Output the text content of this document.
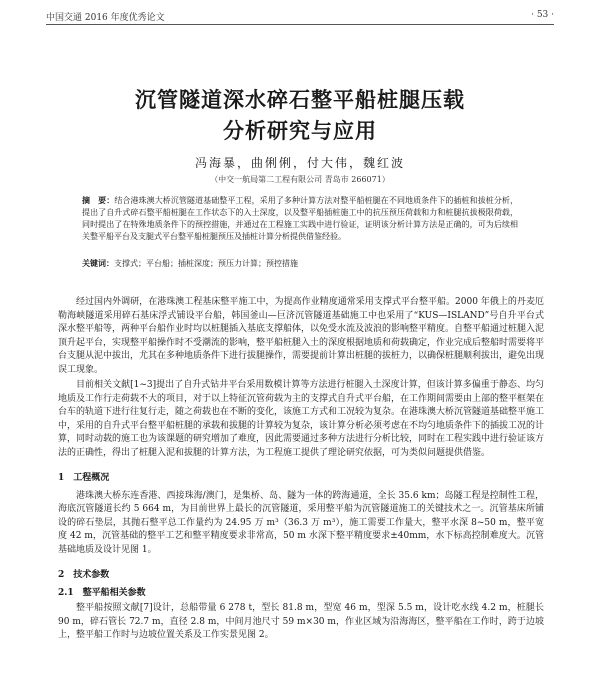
中国交通 2016 年度优秀论文	· 53 ·
沉管隧道深水碎石整平船桩腿压载
分析研究与应用
冯海暴，曲俐俐，付大伟，魏红波
（中交一航局第二工程有限公司 青岛市 266071）
摘　要：结合港珠澳大桥沉管隧道基础整平工程，采用了多种计算方法对整平船桩腿在不同地质条件下的插桩和拔桩分析，提出了自升式碎石整平船桩腿在工作状态下的入土深度，以及整平船插桩施工中的抗压预压荷载和力和桩腿抗拔极限荷载，同时提出了在特殊地质条件下的预控措施，并通过在工程施工实践中进行验证，证明该分析计算方法是正确的，可为后续相关整平船平台及支腿式平台整平船桩腿预压及插桩计算分析提供借鉴经验。
关键词：支撑式；平台船；插桩深度；预压力计算；预控措施

经过国内外调研，在港珠澳工程基床整平施工中，为提高作业精度通常采用支撑式平台整平船。2000 年俄上的丹麦厄勒海峡隧道采用碎石基床浮式铺设平台船，韩国釜山—巨济沉管隧道基础施工中也采用了“KUS—ISLAND”号自升平台式深水整平船等，两种平台船作业时均以桩腿插入基底支撑船体，以免受水流及波浪的影响整平精度。自整平船通过桩腿入泥顶升起平台，实现整平船操作时不受潮流的影响，整平船桩腿入土的深度根据地质和荷载确定，作业完成后整船时需要将平台支腿从泥中拔出，尤其在多种地质条件下进行拔腿操作，需要提前计算出桩腿的拔桩力，以确保桩腿顺利拔出，避免出现误工现象。

目前相关文献[1~3]提出了自升式钻井平台采用数模计算等方法进行桩腿入土深度计算，但该计算多偏重于静态、均匀地质及工作行走荷载不大的项目，对于以上特征沉管荷载为主的支撑式自升式平台船，在工作期间需要由上部的整平框架在台车的轨道下进行往复行走，随之荷载也在不断的变化，该施工方式和工况较为复杂。在港珠澳大桥沉管隧道基础整平施工中，采用的自升式平台整平船桩腿的承载和拔腿的计算较为复杂，该计算分析必须考虑在不均匀地质条件下的插拔工况的计算，同时动载的施工也为该课题的研究增加了难度，因此需要通过多种方法进行分析比较，同时在工程实践中进行验证该方法的正确性，得出了桩腿入泥和拔腿的计算方法，为工程施工提供了理论研究依据，可为类似问题提供借鉴。

1　工程概况

港珠澳大桥东连香港、西接珠海/澳门，是集桥、岛、隧为一体的跨海通道，全长 35.6 km；岛隧工程是控制性工程，海底沉管隧道长约 5 664 m，为目前世界上最长的沉管隧道，采用整平船为沉管隧道施工的关键技术之一。沉管基床所铺设的碎石垫层，其抛石整平总工作量约为 24.95 万 m³（36.3 万 m³），施工需要工作量大，整平水深 8~50 m，整平宽度 42 m，沉管基础的整平工艺和整平精度要求非常高，50 m 水深下整平精度要求±40mm，水下标高控制难度大。沉管基础地质及设计见图 1。

2　技术参数
2.1　整平船相关参数

整平船按照文献[7]设计，总船带量 6 278 t，型长 81.8 m，型宽 46 m，型深 5.5 m，设计吃水线 4.2 m，桩腿长 90 m，碎石管长 72.7 m，直径 2.8 m，中间月池尺寸 59 m×30 m，作业区域为沿海海区，整平船在工作时，跨于边坡上，整平船工作时与边坡位置关系及工作实景见图 2。
